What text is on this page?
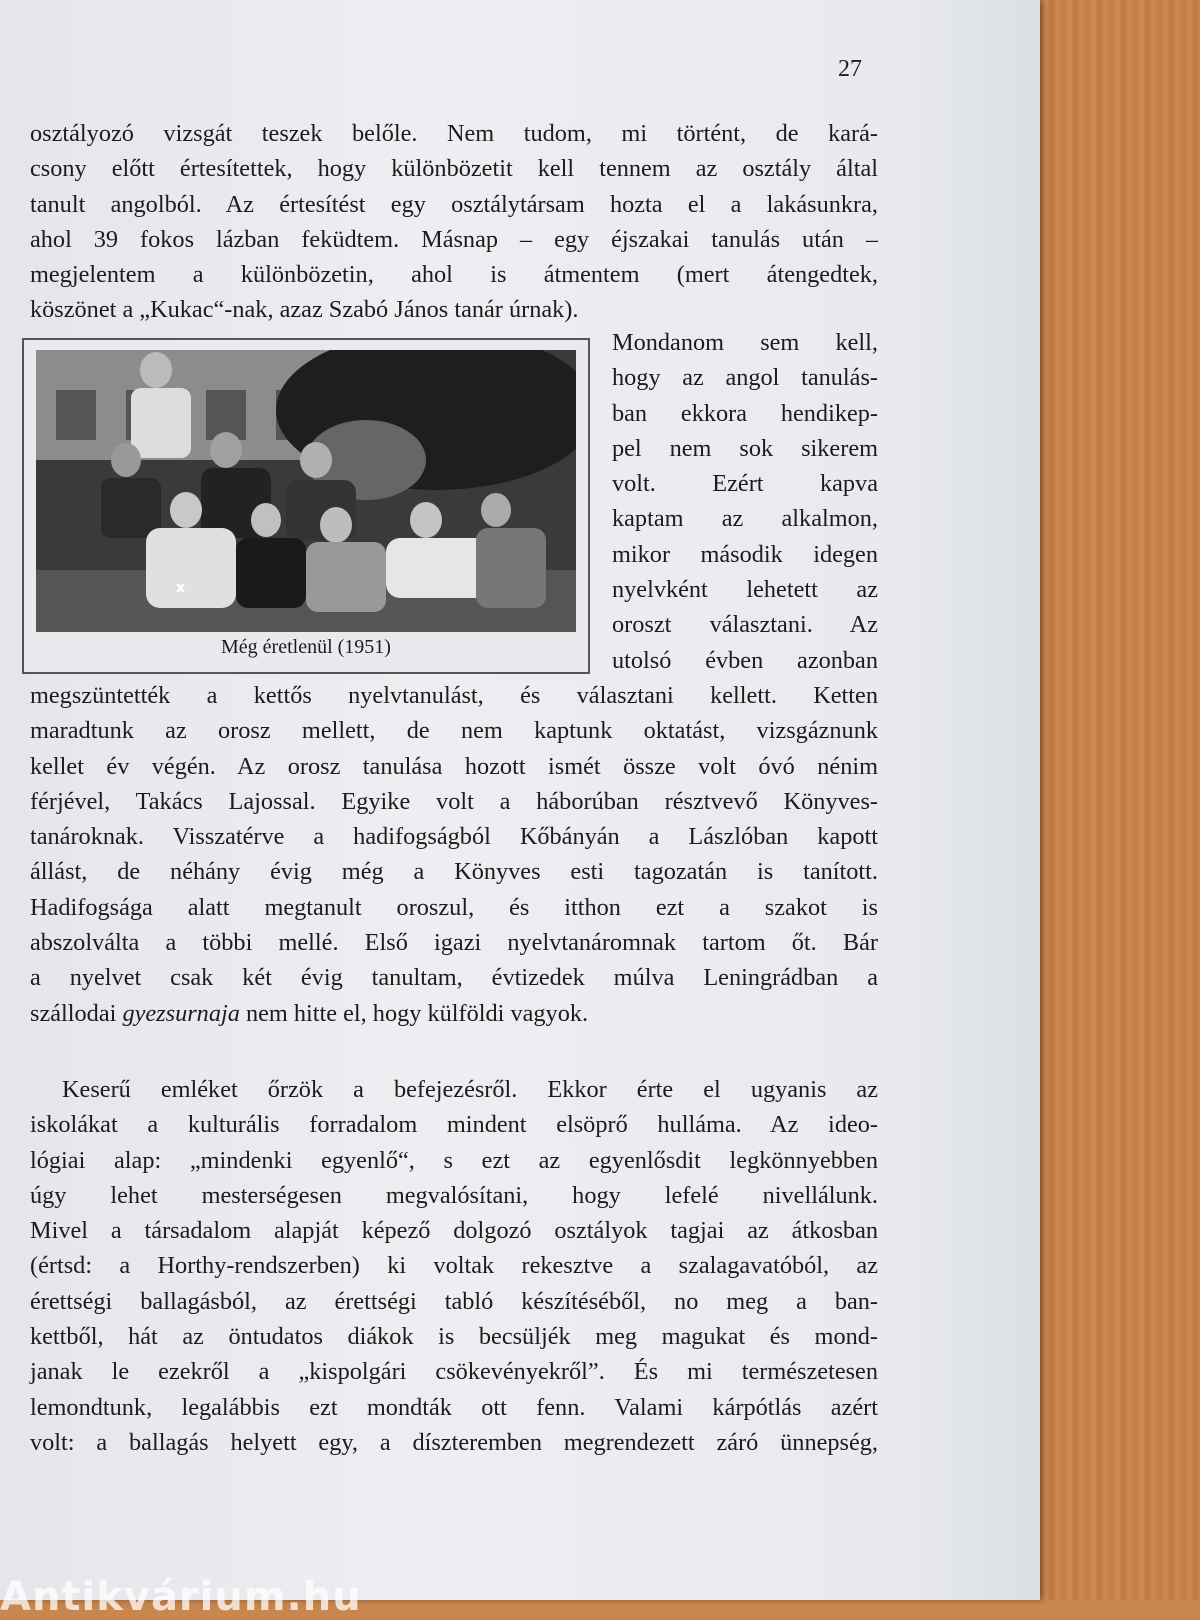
27
osztályozó vizsgát teszek belőle. Nem tudom, mi történt, de kará-
csony előtt értesítettek, hogy különbözetit kell tennem az osztály által
tanult angolból. Az értesítést egy osztálytársam hozta el a lakásunkra,
ahol 39 fokos lázban feküdtem. Másnap – egy éjszakai tanulás után –
megjelentem a különbözetin, ahol is átmentem (mert átengedtek,
köszönet a „Kukac“-nak, azaz Szabó János tanár úrnak).
x
Még éretlenül (1951)
Mondanom sem kell,
hogy az angol tanulás-
ban ekkora hendikep-
pel nem sok sikerem
volt. Ezért kapva
kaptam az alkalmon,
mikor második idegen
nyelvként lehetett az
oroszt választani. Az
utolsó évben azonban
megszüntették a kettős nyelvtanulást, és választani kellett. Ketten
maradtunk az orosz mellett, de nem kaptunk oktatást, vizsgáznunk
kellet év végén. Az orosz tanulása hozott ismét össze volt óvó nénim
férjével, Takács Lajossal. Egyike volt a háborúban résztvevő Könyves-
tanároknak. Visszatérve a hadifogságból Kőbányán a Lászlóban kapott
állást, de néhány évig még a Könyves esti tagozatán is tanított.
Hadifogsága alatt megtanult oroszul, és itthon ezt a szakot is
abszolválta a többi mellé. Első igazi nyelvtanáromnak tartom őt. Bár
a nyelvet csak két évig tanultam, évtizedek múlva Leningrádban a
szállodai gyezsurnaja nem hitte el, hogy külföldi vagyok.
Keserű emléket őrzök a befejezésről. Ekkor érte el ugyanis az
iskolákat a kulturális forradalom mindent elsöprő hulláma. Az ideo-
lógiai alap: „mindenki egyenlő“, s ezt az egyenlősdit legkönnyebben
úgy lehet mesterségesen megvalósítani, hogy lefelé nivellálunk.
Mivel a társadalom alapját képező dolgozó osztályok tagjai az átkosban
(értsd: a Horthy-rendszerben) ki voltak rekesztve a szalagavatóból, az
érettségi ballagásból, az érettségi tabló készítéséből, no meg a ban-
kettből, hát az öntudatos diákok is becsüljék meg magukat és mond-
janak le ezekről a „kispolgári csökevényekről”. És mi természetesen
lemondtunk, legalábbis ezt mondták ott fenn. Valami kárpótlás azért
volt: a ballagás helyett egy, a díszteremben megrendezett záró ünnepség,
Antikvárium.hu
